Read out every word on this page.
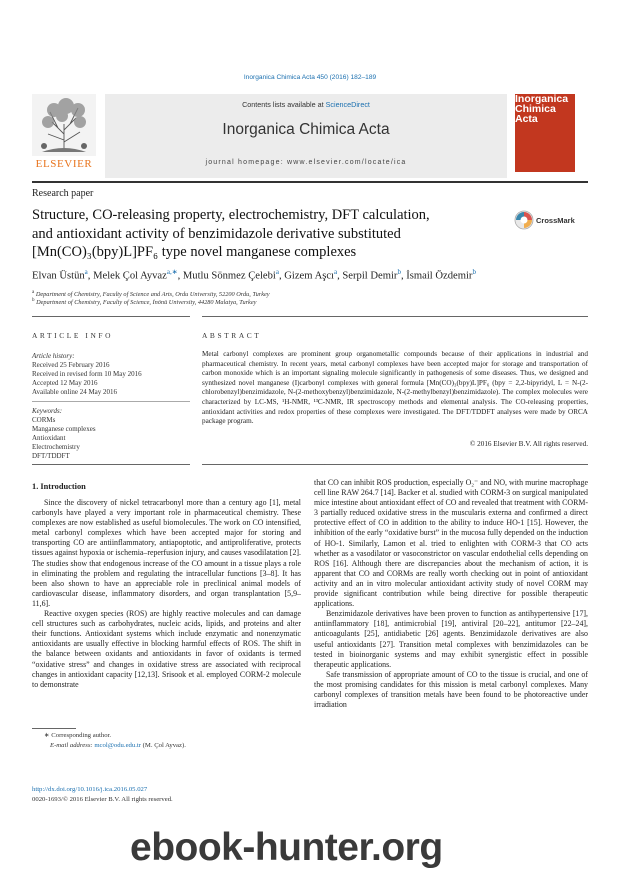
Inorganica Chimica Acta 450 (2016) 182–189
Contents lists available at ScienceDirect
Inorganica Chimica Acta
journal homepage: www.elsevier.com/locate/ica
ELSEVIER
Inorganica Chimica Acta
Research paper
Structure, CO-releasing property, electrochemistry, DFT calculation,
and antioxidant activity of benzimidazole derivative substituted
[Mn(CO)₃(bpy)L]PF₆ type novel manganese complexes
CrossMark
Elvan Üstün$^a$, Melek Çol Ayvaz$^{a,∗}$, Mutlu Sönmez Çelebi$^a$, Gizem Aşcı$^a$, Serpil Demir$^b$, İsmail Özdemir$^b$
$^a$ Department of Chemistry, Faculty of Science and Arts, Ordu University, 52200 Ordu, Turkey
$^b$ Department of Chemistry, Faculty of Science, İnönü University, 44280 Malatya, Turkey
ARTICLE INFO
Article history:
Received 25 February 2016
Received in revised form 10 May 2016
Accepted 12 May 2016
Available online 24 May 2016
Keywords:
CORMs
Manganese complexes
Antioxidant
Electrochemistry
DFT/TDDFT
ABSTRACT
Metal carbonyl complexes are prominent group organometallic compounds because of their applications in industrial and pharmaceutical chemistry. In recent years, metal carbonyl complexes have been accepted major for storage and transportation of carbon monoxide which is an important signaling molecule significantly in pathogenesis of some diseases. Thus, we designed and synthesized novel manganese (I)carbonyl complexes with general formula [Mn(CO)₃(bpy)L]PF₆ (bpy = 2,2-bipyridyl, L = N-(2-chlorobenzyl)benzimidazole, N-(2-methoxybenzyl)benzimidazole, N-(2-methylbenzyl)benzimidazole). The complex molecules were characterized by LC-MS, ¹H-NMR, ¹³C-NMR, IR spectroscopy methods and elemental analysis. The CO-releasing properties, antioxidant activities and redox properties of these complexes were investigated. The DFT/TDDFT analyses were made by ORCA package program.
© 2016 Elsevier B.V. All rights reserved.
1. Introduction

Since the discovery of nickel tetracarbonyl more than a century ago [1], metal carbonyls have played a very important role in pharmaceutical chemistry. These complexes are now established as useful biomolecules. The work on CO intensified, metal carbonyl complexes which have been accepted major for storing and transporting CO are antiinflammatory, antiapoptotic, and antiproliferative, protects tissues against hypoxia or ischemia–reperfusion injury, and causes vasodilatation [2]. The studies show that endogenous increase of the CO amount in a tissue plays a role in eliminating the problem and regulating the intracellular functions [3–8]. It has been also shown to have an appreciable role in preclinical animal models of cardiovascular disease, inflammatory disorders, and organ transplantation [5,9–11,6].

Reactive oxygen species (ROS) are highly reactive molecules and can damage cell structures such as carbohydrates, nucleic acids, lipids, and proteins and alter their functions. Antioxidant systems which include enzymatic and nonenzymatic antioxidants are usually effective in blocking harmful effects of ROS. The shift in the balance between oxidants and antioxidants in favor of oxidants is termed “oxidative stress” and changes in oxidative stress are associated with reciprocal changes in antioxidant capacity [12,13]. Srisook et al. employed CORM-2 molecule to demonstrate

that CO can inhibit ROS production, especially O₂⁻ and NO, with murine macrophage cell line RAW 264.7 [14]. Backer et al. studied with CORM-3 on surgical manipulated mice intestine about antioxidant effect of CO and revealed that treatment with CORM-3 partially reduced oxidative stress in the muscularis externa and confirmed a direct protective effect of CO in addition to the ability to induce HO-1 [15]. However, the inhibition of the early “oxidative burst” in the mucosa fully depended on the induction of HO-1. Similarly, Lamon et al. tried to enlighten with CORM-3 that CO acts whether as a vasodilator or vasoconstrictor on vascular endothelial cells depending on ROS [16]. Although there are discrepancies about the mechanism of action, it is apparent that CO and CORMs are really worth checking out in point of antioxidant activity and an in vitro molecular antioxidant activity study of novel CORM may provide significant contribution while being directive for possible therapeutic applications.

Benzimidazole derivatives have been proven to function as antihypertensive [17], antiinflammatory [18], antimicrobial [19], antiviral [20–22], antitumor [22–24], anticoagulants [25], antidiabetic [26] agents. Benzimidazole derivatives are also useful antioxidants [27]. Transition metal complexes with benzimidazoles can be tested in bioinorganic systems and may exhibit synergistic effect in possible therapeutic applications.

Safe transmission of appropriate amount of CO to the tissue is crucial, and one of the most promising candidates for this mission is metal carbonyl complexes. Many carbonyl complexes of transition metals have been found to be photoreactive under irradiation

∗ Corresponding author.
E-mail address: mcol@odu.edu.tr (M. Çol Ayvaz).
http://dx.doi.org/10.1016/j.ica.2016.05.027
0020-1693/© 2016 Elsevier B.V. All rights reserved.
ebook-hunter.org
